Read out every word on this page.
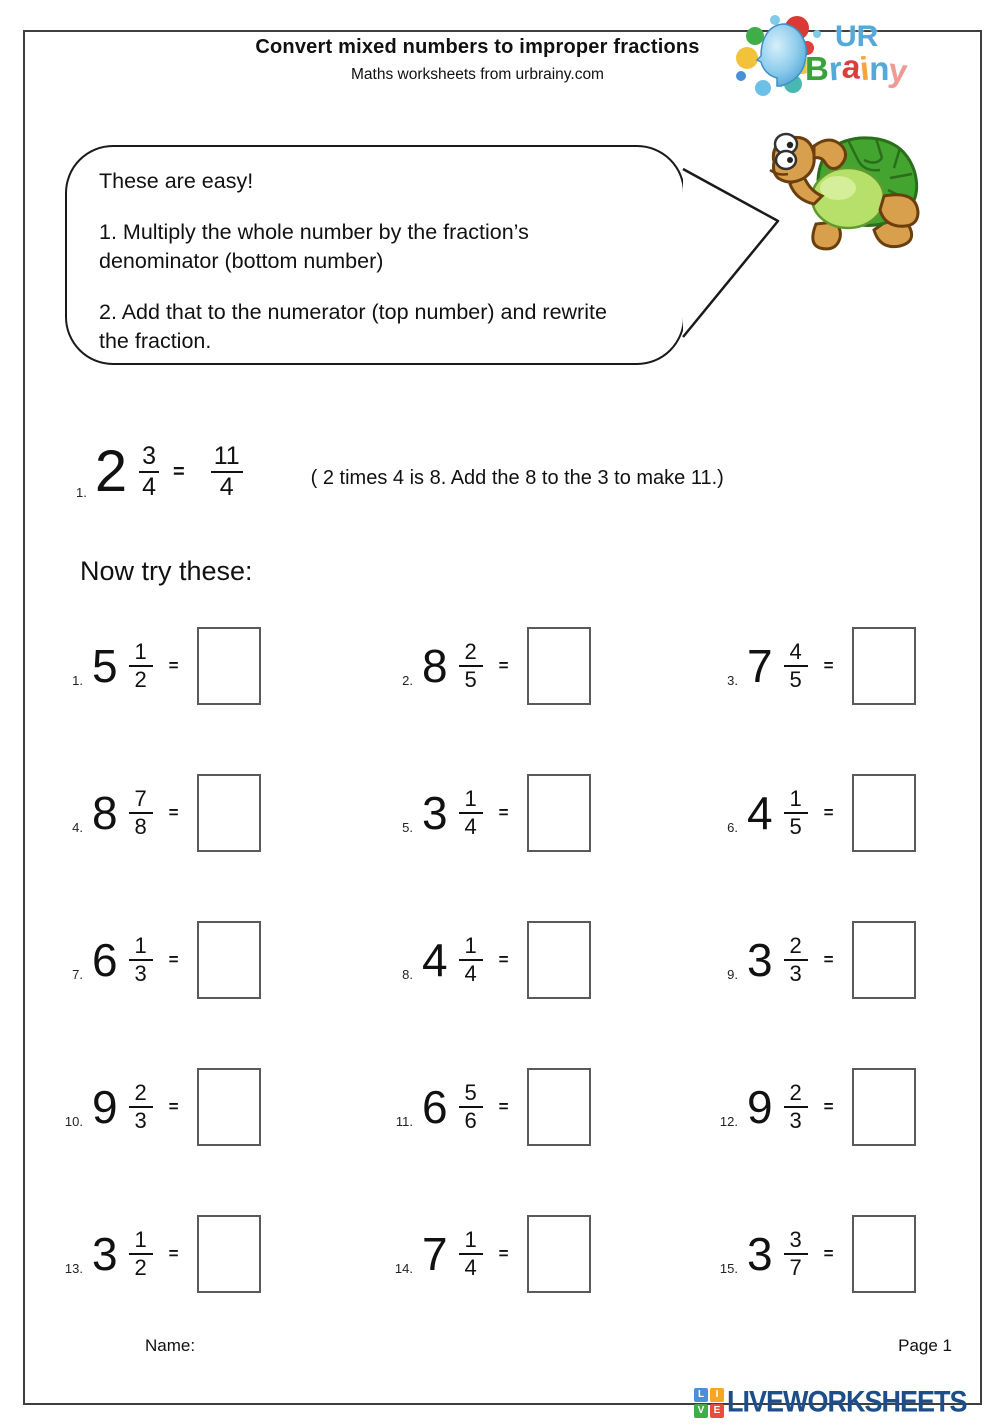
Convert mixed numbers to improper fractions
Maths worksheets from urbrainy.com
UR
Brainy

These are easy!

1. Multiply the whole number by the fraction’s denominator (bottom number)

2. Add that to the numerator (top number) and rewrite the fraction.

1. $2 \frac{3}{4} = \frac{11}{4}$	( 2 times 4 is 8. Add the 8 to the 3 to make 11.)
Now try these:
1. $5 \frac{1}{2}$ =
2. $8 \frac{2}{5}$ =
3. $7 \frac{4}{5}$ =
4. $8 \frac{7}{8}$ =
5. $3 \frac{1}{4}$ =
6. $4 \frac{1}{5}$ =
7. $6 \frac{1}{3}$ =
8. $4 \frac{1}{4}$ =
9. $3 \frac{2}{3}$ =
10. $9 \frac{2}{3}$ =
11. $6 \frac{5}{6}$ =
12. $9 \frac{2}{3}$ =
13. $3 \frac{1}{2}$ =
14. $7 \frac{1}{4}$ =
15. $3 \frac{3}{7}$ =
Name:	Page 1
L	I
V E LIVEWORKSHEETS
